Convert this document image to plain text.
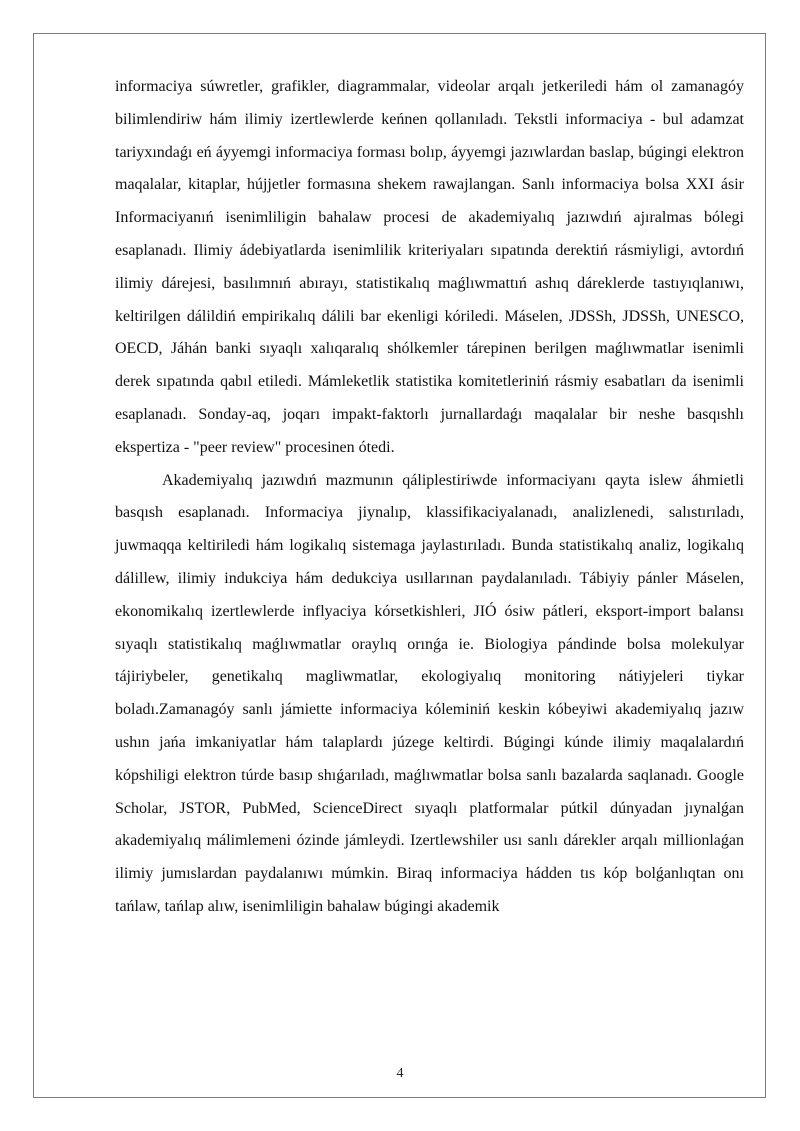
informaciya súwretler, grafikler, diagrammalar, videolar arqalı jetkeriledi hám ol zamanagóy bilimlendiriw hám ilimiy izertlewlerde keńnen qollanıladı. Tekstli informaciya - bul adamzat tariyxındaǵı eń áyyemgi informaciya forması bolıp, áyyemgi jazıwlardan baslap, búgingi elektron maqalalar, kitaplar, hújjetler formasına shekem rawajlangan. Sanlı informaciya bolsa XXI ásir Informaciyanıń isenimliligin bahalaw procesi de akademiyalıq jazıwdıń ajıralmas bólegi esaplanadı. Ilimiy ádebiyatlarda isenimlilik kriteriyaları sıpatında derektiń rásmiyligi, avtordıń ilimiy dárejesi, basılımnıń abırayı, statistikalıq maǵlıwmattıń ashıq dáreklerde tastıyıqlanıwı, keltirilgen dálildiń empirikalıq dálili bar ekenligi kóriledi. Máselen, JDSSh, JDSSh, UNESCO, OECD, Jáhán banki sıyaqlı xalıqaralıq shólkemler tárepinen berilgen maǵlıwmatlar isenimli derek sıpatında qabıl etiledi. Mámleketlik statistika komitetleriniń rásmiy esabatları da isenimli esaplanadı. Sonday-aq, joqarı impakt-faktorlı jurnallardaǵı maqalalar bir neshe basqıshlı ekspertiza - "peer review" procesinen ótedi.

Akademiyalıq jazıwdıń mazmunın qáliplestiriwde informaciyanı qayta islew áhmietli basqısh esaplanadı. Informaciya jiynalıp, klassifikaciyalanadı, analizlenedi, salıstırıladı, juwmaqqa keltiriledi hám logikalıq sistemaga jaylastırıladı. Bunda statistikalıq analiz, logikalıq dálillew, ilimiy indukciya hám dedukciya usıllarınan paydalanıladı. Tábiyiy pánler Máselen, ekonomikalıq izertlewlerde inflyaciya kórsetkishleri, JIÓ ósiw pátleri, eksport-import balansı sıyaqlı statistikalıq maǵlıwmatlar oraylıq orınǵa ie. Biologiya pándinde bolsa molekulyar tájiriybeler, genetikalıq magliwmatlar, ekologiyalıq monitoring nátiyjeleri tiykar boladı.Zamanagóy sanlı jámiette informaciya kóleminiń keskin kóbeyiwi akademiyalıq jazıw ushın jańa imkaniyatlar hám talaplardı júzege keltirdi. Búgingi kúnde ilimiy maqalalardıń kópshiligi elektron túrde basıp shıǵarıladı, maǵlıwmatlar bolsa sanlı bazalarda saqlanadı. Google Scholar, JSTOR, PubMed, ScienceDirect sıyaqlı platformalar pútkil dúnyadan jıynalǵan akademiyalıq málimlemeni ózinde jámleydi. Izertlewshiler usı sanlı dárekler arqalı millionlaǵan ilimiy jumıslardan paydalanıwı múmkin. Biraq informaciya hádden tıs kóp bolǵanlıqtan onı tańlaw, tańlap alıw, isenimliligin bahalaw búgingi akademik

4
